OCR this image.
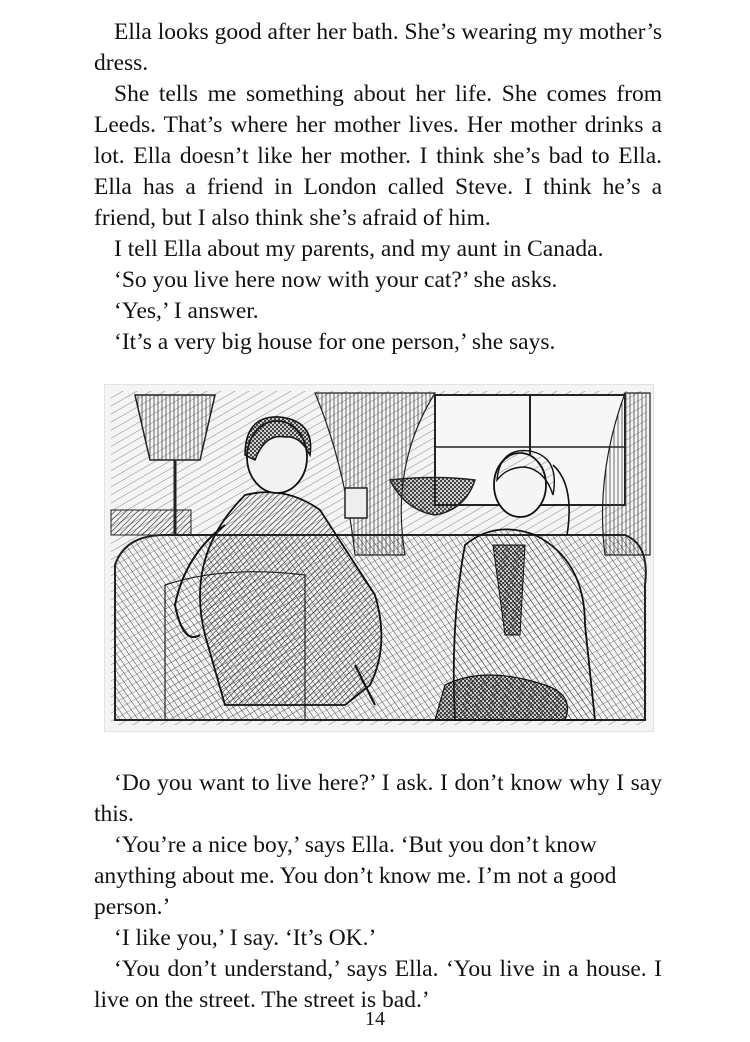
Ella looks good after her bath. She’s wearing my mother’s dress.

She tells me something about her life. She comes from Leeds. That’s where her mother lives. Her mother drinks a lot. Ella doesn’t like her mother. I think she’s bad to Ella. Ella has a friend in London called Steve. I think he’s a friend, but I also think she’s afraid of him.

I tell Ella about my parents, and my aunt in Canada.

‘So you live here now with your cat?’ she asks.

‘Yes,’ I answer.

‘It’s a very big house for one person,’ she says.

‘Do you want to live here?’ I ask. I don’t know why I say this.

‘You’re a nice boy,’ says Ella. ‘But you don’t know anything about me. You don’t know me. I’m not a good person.’

‘I like you,’ I say. ‘It’s OK.’

‘You don’t understand,’ says Ella. ‘You live in a house. I live on the street. The street is bad.’

14
